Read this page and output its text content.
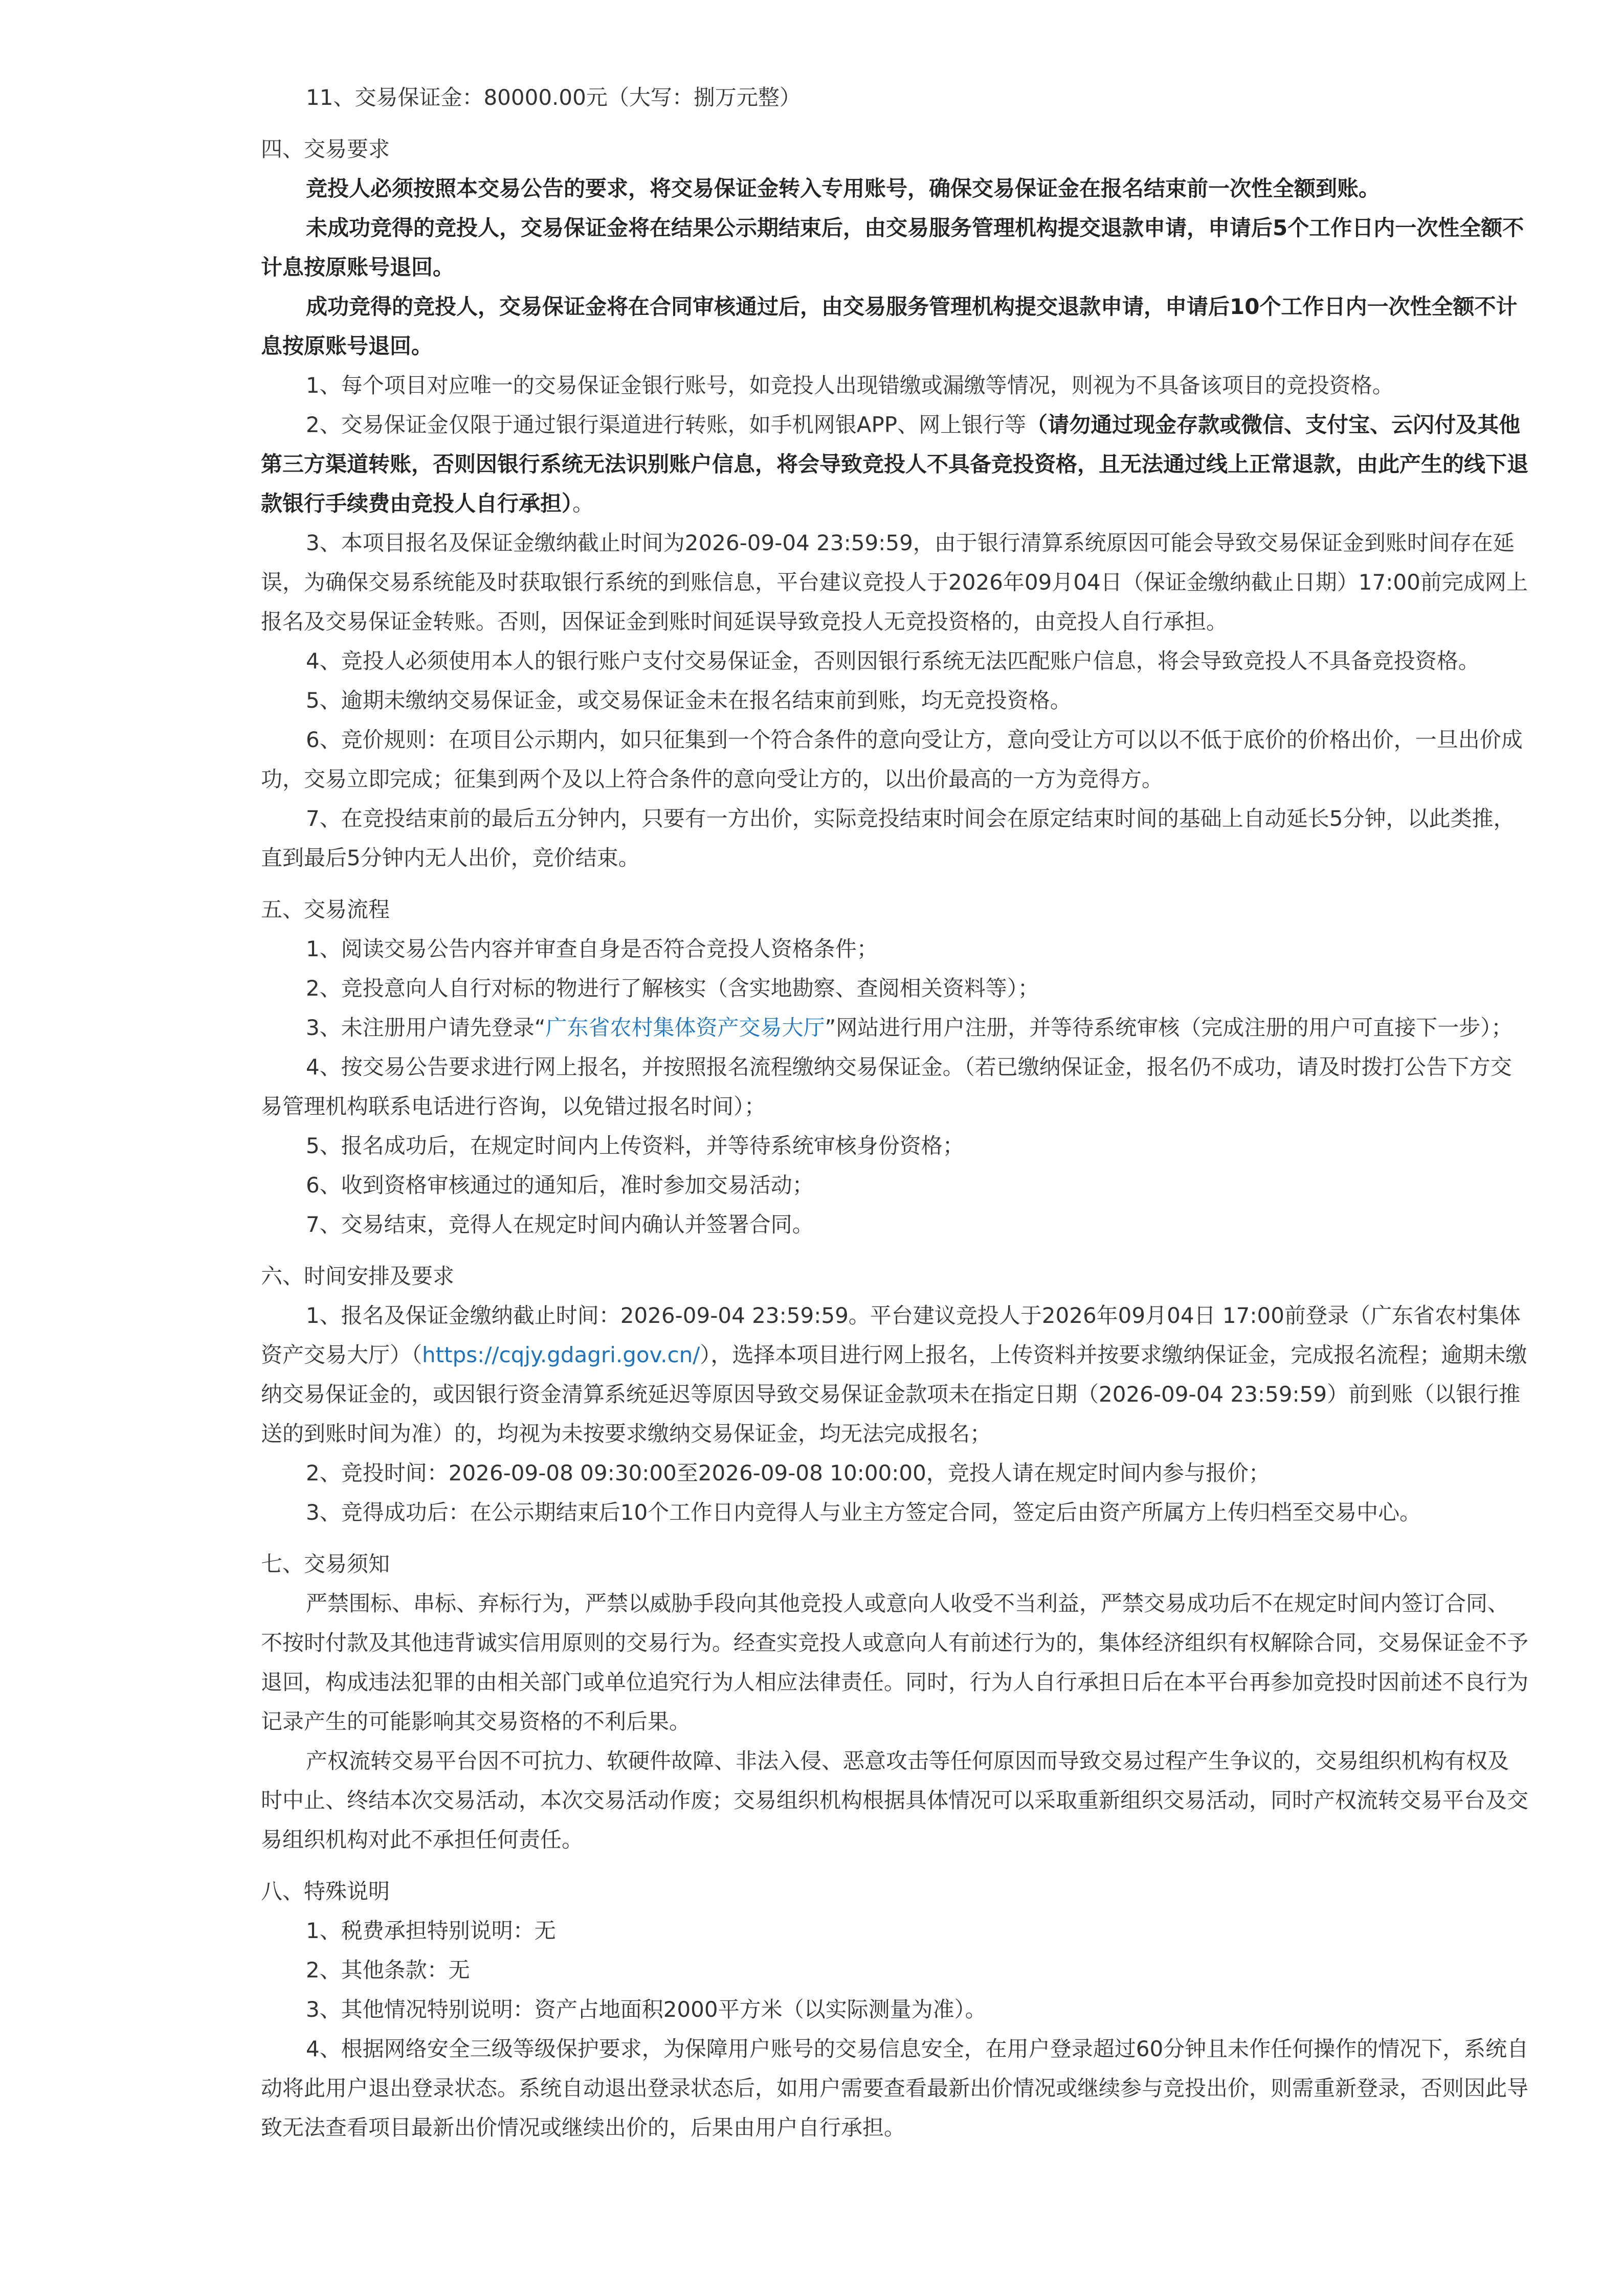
11、交易保证金：80000.00元（大写：捌万元整）

四、交易要求

竞投人必须按照本交易公告的要求，将交易保证金转入专用账号，确保交易保证金在报名结束前一次性全额到账。

未成功竞得的竞投人，交易保证金将在结果公示期结束后，由交易服务管理机构提交退款申请，申请后5个工作日内一次性全额不计息按原账号退回。

成功竞得的竞投人，交易保证金将在合同审核通过后，由交易服务管理机构提交退款申请，申请后10个工作日内一次性全额不计息按原账号退回。

1、每个项目对应唯一的交易保证金银行账号，如竞投人出现错缴或漏缴等情况，则视为不具备该项目的竞投资格。

2、交易保证金仅限于通过银行渠道进行转账，如手机网银APP、网上银行等（请勿通过现金存款或微信、支付宝、云闪付及其他第三方渠道转账，否则因银行系统无法识别账户信息，将会导致竞投人不具备竞投资格，且无法通过线上正常退款，由此产生的线下退款银行手续费由竞投人自行承担）。

3、本项目报名及保证金缴纳截止时间为2026-09-04 23:59:59，由于银行清算系统原因可能会导致交易保证金到账时间存在延误，为确保交易系统能及时获取银行系统的到账信息，平台建议竞投人于2026年09月04日（保证金缴纳截止日期）17:00前完成网上报名及交易保证金转账。否则，因保证金到账时间延误导致竞投人无竞投资格的，由竞投人自行承担。

4、竞投人必须使用本人的银行账户支付交易保证金，否则因银行系统无法匹配账户信息，将会导致竞投人不具备竞投资格。

5、逾期未缴纳交易保证金，或交易保证金未在报名结束前到账，均无竞投资格。

6、竞价规则：在项目公示期内，如只征集到一个符合条件的意向受让方，意向受让方可以以不低于底价的价格出价，一旦出价成功，交易立即完成；征集到两个及以上符合条件的意向受让方的，以出价最高的一方为竞得方。

7、在竞投结束前的最后五分钟内，只要有一方出价，实际竞投结束时间会在原定结束时间的基础上自动延长5分钟，以此类推，直到最后5分钟内无人出价，竞价结束。

五、交易流程

1、阅读交易公告内容并审查自身是否符合竞投人资格条件；

2、竞投意向人自行对标的物进行了解核实（含实地勘察、查阅相关资料等）；

3、未注册用户请先登录“广东省农村集体资产交易大厅”网站进行用户注册，并等待系统审核（完成注册的用户可直接下一步）；

4、按交易公告要求进行网上报名，并按照报名流程缴纳交易保证金。（若已缴纳保证金，报名仍不成功，请及时拨打公告下方交易管理机构联系电话进行咨询，以免错过报名时间）；

5、报名成功后，在规定时间内上传资料，并等待系统审核身份资格；

6、收到资格审核通过的通知后，准时参加交易活动；

7、交易结束，竞得人在规定时间内确认并签署合同。

六、时间安排及要求

1、报名及保证金缴纳截止时间：2026-09-04 23:59:59。平台建议竞投人于2026年09月04日 17:00前登录（广东省农村集体资产交易大厅）（https://cqjy.gdagri.gov.cn/），选择本项目进行网上报名，上传资料并按要求缴纳保证金，完成报名流程；逾期未缴纳交易保证金的，或因银行资金清算系统延迟等原因导致交易保证金款项未在指定日期（2026-09-04 23:59:59）前到账（以银行推送的到账时间为准）的，均视为未按要求缴纳交易保证金，均无法完成报名；

2、竞投时间：2026-09-08 09:30:00至2026-09-08 10:00:00，竞投人请在规定时间内参与报价；

3、竞得成功后：在公示期结束后10个工作日内竞得人与业主方签定合同，签定后由资产所属方上传归档至交易中心。

七、交易须知

严禁围标、串标、弃标行为，严禁以威胁手段向其他竞投人或意向人收受不当利益，严禁交易成功后不在规定时间内签订合同、不按时付款及其他违背诚实信用原则的交易行为。经查实竞投人或意向人有前述行为的，集体经济组织有权解除合同，交易保证金不予退回，构成违法犯罪的由相关部门或单位追究行为人相应法律责任。同时，行为人自行承担日后在本平台再参加竞投时因前述不良行为记录产生的可能影响其交易资格的不利后果。

产权流转交易平台因不可抗力、软硬件故障、非法入侵、恶意攻击等任何原因而导致交易过程产生争议的，交易组织机构有权及时中止、终结本次交易活动，本次交易活动作废；交易组织机构根据具体情况可以采取重新组织交易活动，同时产权流转交易平台及交易组织机构对此不承担任何责任。

八、特殊说明

1、税费承担特别说明：无

2、其他条款：无

3、其他情况特别说明：资产占地面积2000平方米（以实际测量为准）。

4、根据网络安全三级等级保护要求，为保障用户账号的交易信息安全，在用户登录超过60分钟且未作任何操作的情况下，系统自动将此用户退出登录状态。系统自动退出登录状态后，如用户需要查看最新出价情况或继续参与竞投出价，则需重新登录，否则因此导致无法查看项目最新出价情况或继续出价的，后果由用户自行承担。
